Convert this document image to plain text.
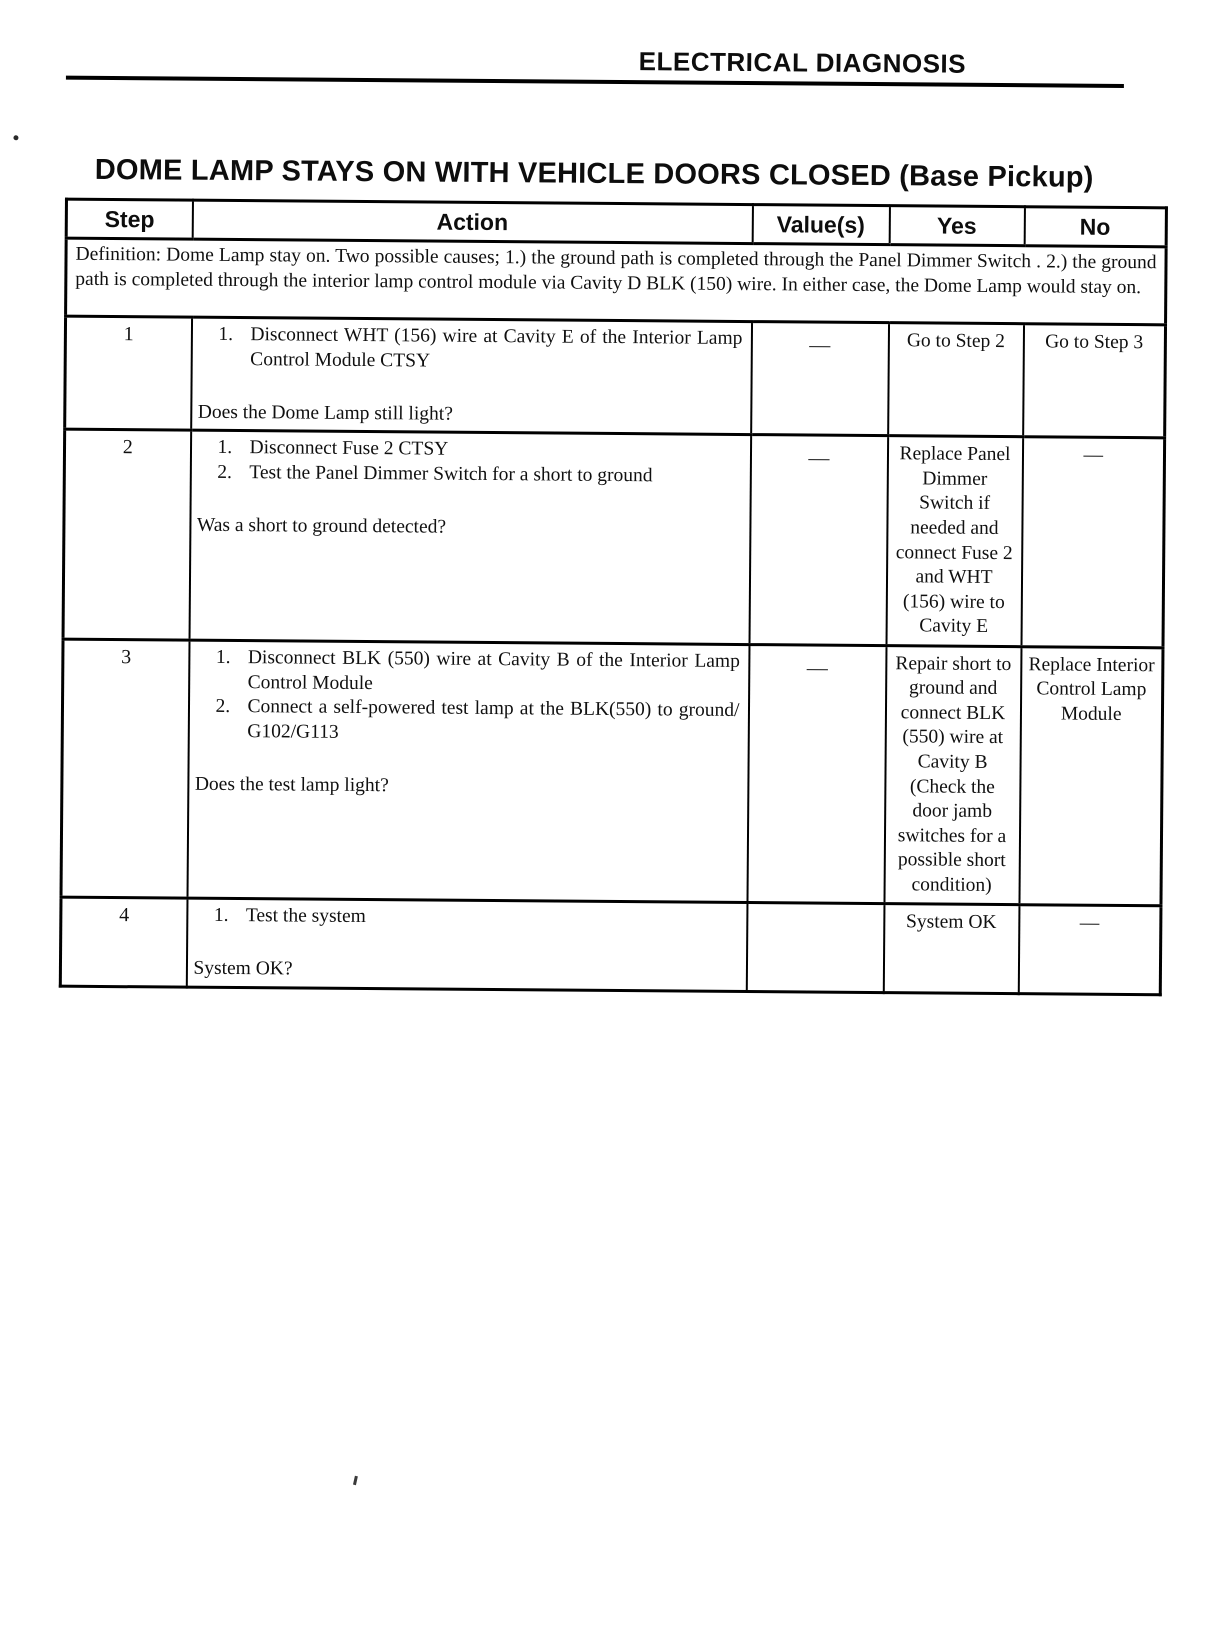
ELECTRICAL DIAGNOSIS
DOME LAMP STAYS ON WITH VEHICLE DOORS CLOSED (Base Pickup)
Step	Action	Value(s)	Yes	No
Definition: Dome Lamp stay on. Two possible causes; 1.) the ground path is completed through the Panel Dimmer Switch . 2.) the ground path is completed through the interior lamp control module via Cavity D BLK (150) wire. In either case, the Dome Lamp would stay on.				
1	1. Disconnect WHT (156) wire at Cavity E of the Interior Lamp Control Module CTSY
Does the Dome Lamp still light?	—	Go to Step 2	Go to Step 3
2	1. Disconnect Fuse 2 CTSY
2. Test the Panel Dimmer Switch for a short to ground
Was a short to ground detected?	—	Replace Panel Dimmer Switch if needed and connect Fuse 2 and WHT (156) wire to Cavity E	—
3	1. Disconnect BLK (550) wire at Cavity B of the Interior Lamp Control Module
2. Connect a self-powered test lamp at the BLK(550) to ground/ G102/G113
Does the test lamp light?	—	Repair short to ground and connect BLK (550) wire at Cavity B (Check the door jamb switches for a possible short condition)	Replace Interior Control Lamp Module
4	1. Test the system
System OK?		System OK	—
